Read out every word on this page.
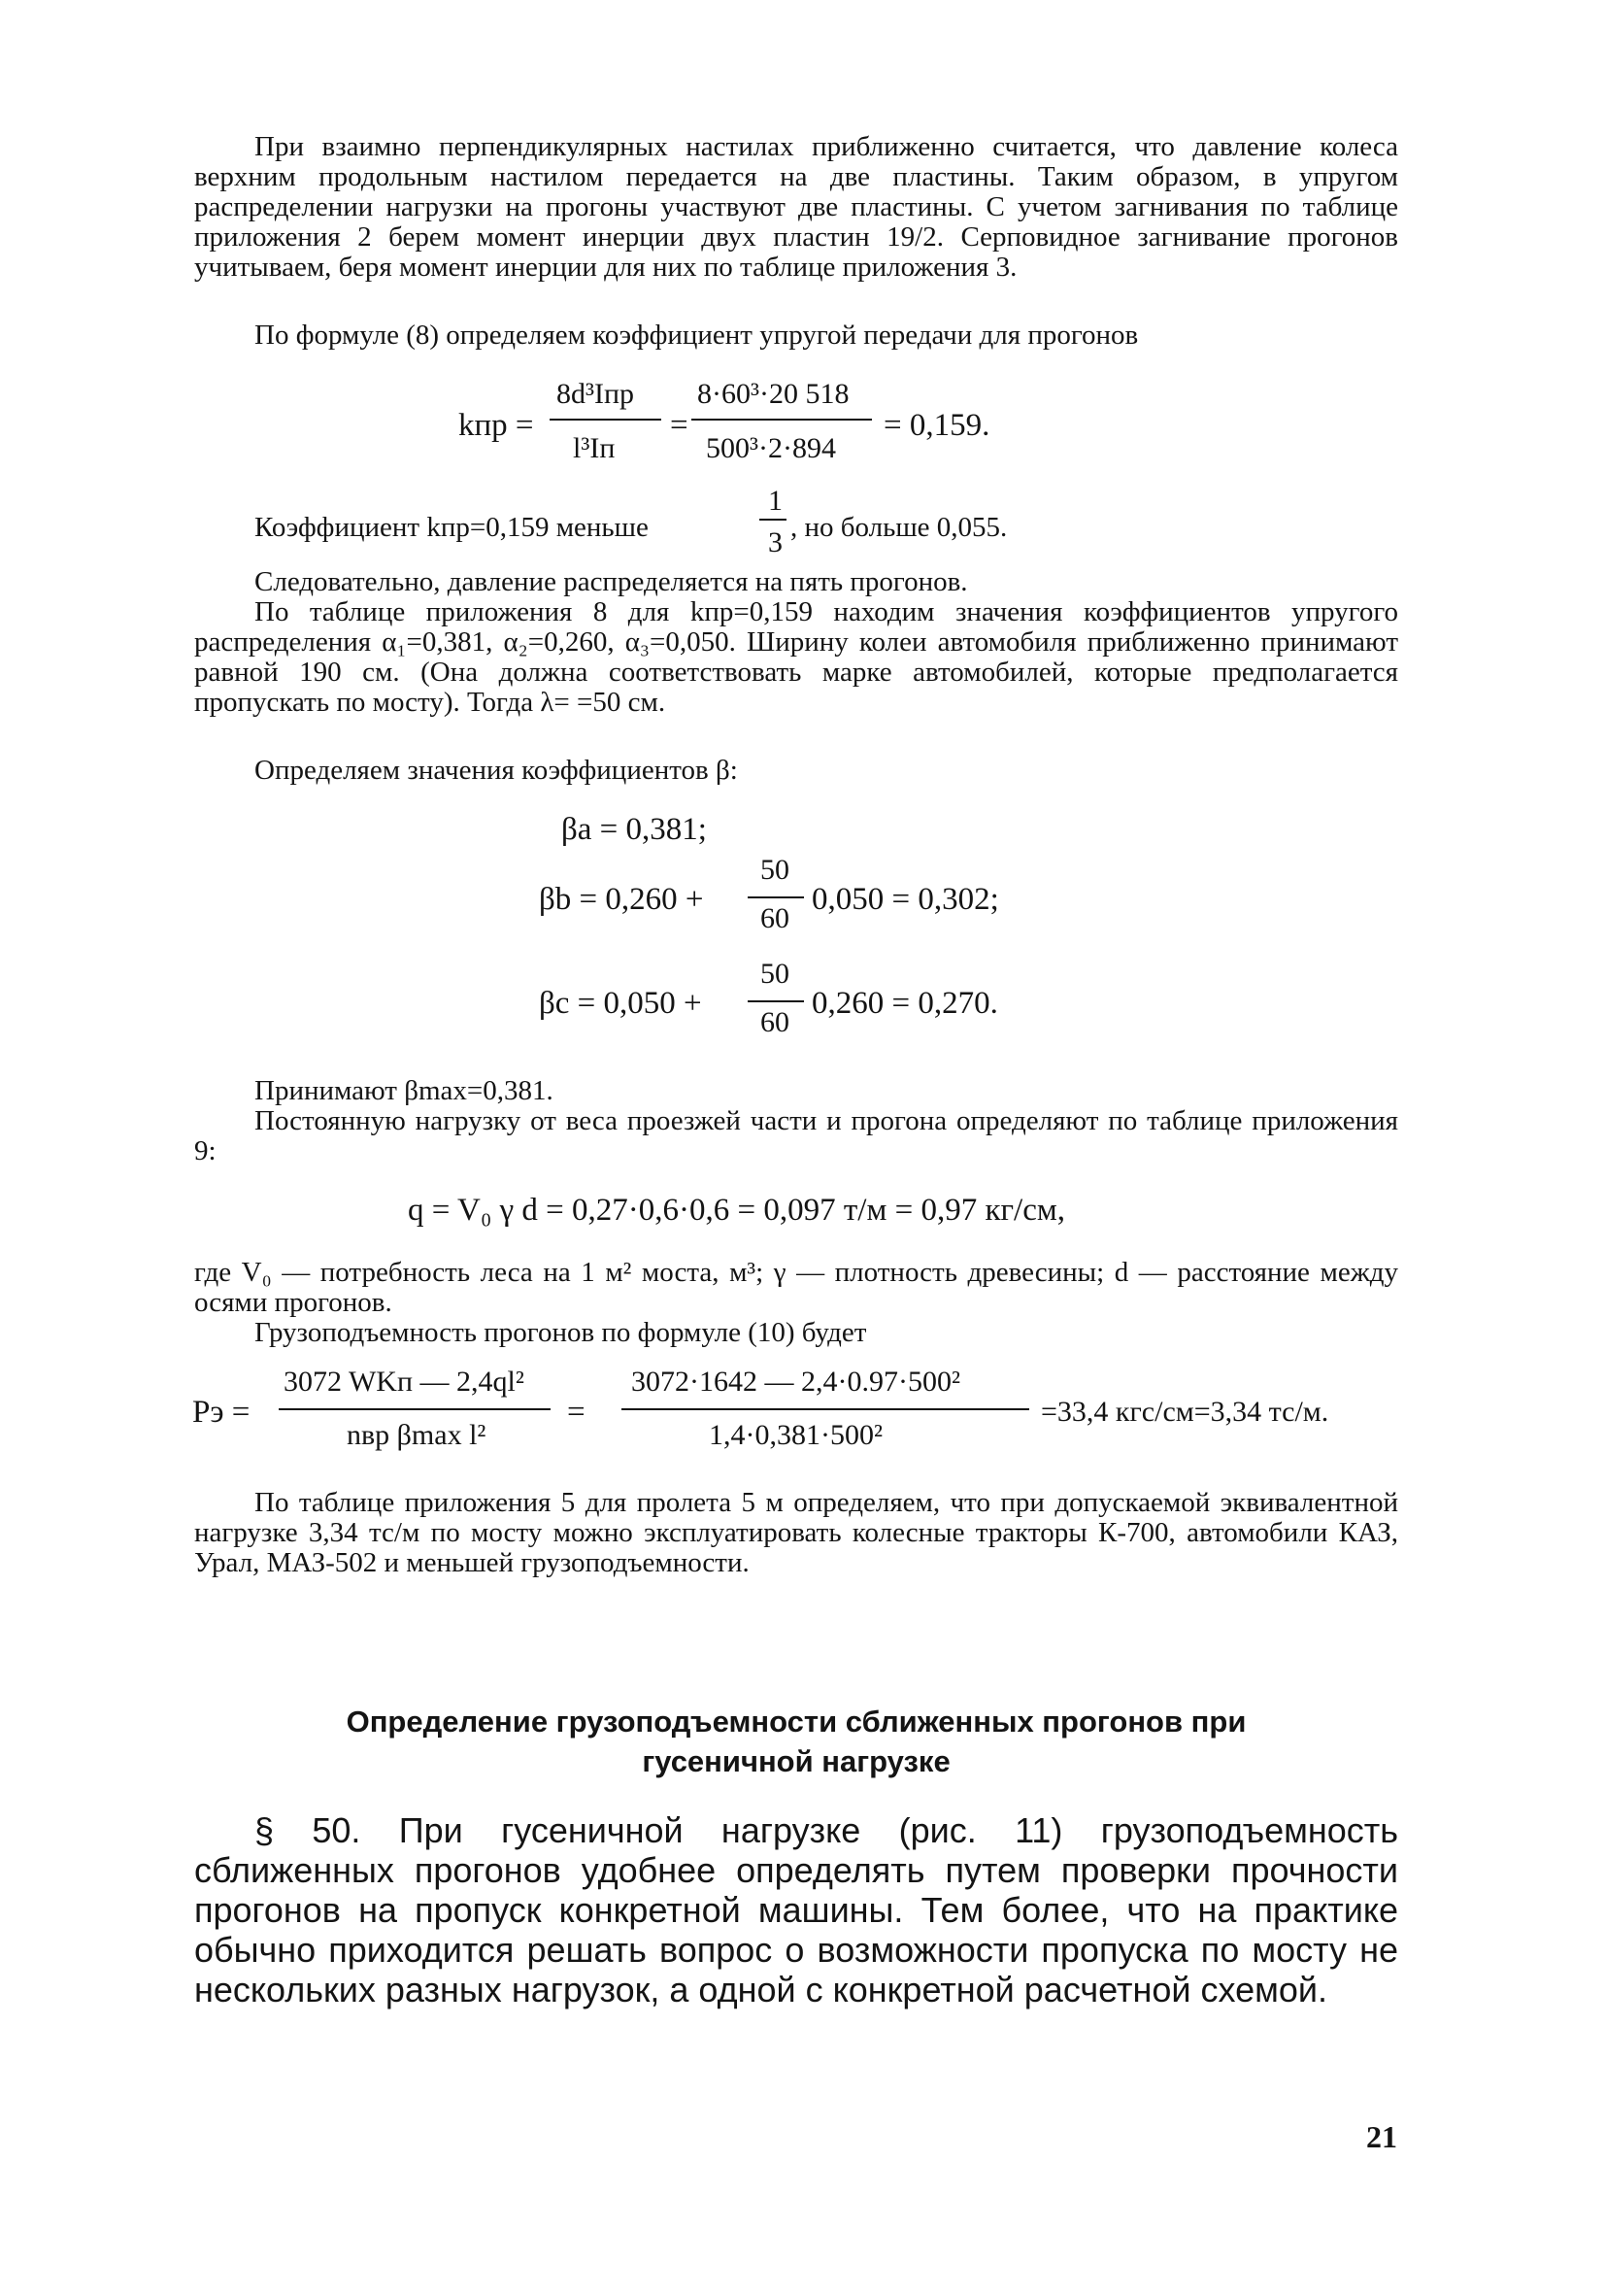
При взаимно перпендикулярных настилах приближенно считается, что давление колеса верхним продольным настилом передается на две пластины. Таким образом, в упругом распределении нагрузки на прогоны участвуют две пластины. С учетом загнивания по таблице приложения 2 берем момент инерции двух пластин 19/2. Серповидное загнивание прогонов учитываем, беря момент инерции для них по таблице приложения 3.

По формуле (8) определяем коэффициент упругой передачи для прогонов

kпр =
8d³Iпр
l³Iп
=
8·60³·20 518
500³·2·894
= 0,159.
Коэффициент kпр=0,159 меньше
1
3 , но больше 0,055.

Следовательно, давление распределяется на пять прогонов.

По таблице приложения 8 для kпр=0,159 находим значения коэффициентов упругого распределения α₁=0,381, α₂=0,260, α₃=0,050. Ширину колеи автомобиля приближенно принимают равной 190 см. (Она должна соответствовать марке автомобилей, которые предполагается пропускать по мосту). Тогда λ= =50 см.

Определяем значения коэффициентов β:

βa = 0,381;
βb = 0,260 +
50
60
0,050 = 0,302;
βc = 0,050 +
50
60
0,260 = 0,270.

Принимают βmax=0,381.

Постоянную нагрузку от веса проезжей части и прогона определяют по таблице приложения 9:

q = V₀ γ d = 0,27·0,6·0,6 = 0,097 т/м = 0,97 кг/см,

где V₀ — потребность леса на 1 м² моста, м³; γ — плотность древесины; d — расстояние между осями прогонов.

Грузоподъемность прогонов по формуле (10) будет

Pэ =
3072 WKп — 2,4ql²
nвр βmax l²
=
3072·1642 — 2,4·0.97·500²
1,4·0,381·500²
=33,4 кгс/см=3,34 тс/м.

По таблице приложения 5 для пролета 5 м определяем, что при допускаемой эквивалентной нагрузке 3,34 тс/м по мосту можно эксплуатировать колесные тракторы К-700, автомобили КАЗ, Урал, МАЗ-502 и меньшей грузоподъемности.

Определение грузоподъемности сближенных прогонов при
гусеничной нагрузке

§ 50. При гусеничной нагрузке (рис. 11) грузоподъемность сближенных прогонов удобнее определять путем проверки прочности прогонов на пропуск конкретной машины. Тем более, что на практике обычно приходится решать вопрос о возможности пропуска по мосту не нескольких разных нагрузок, а одной с конкретной расчетной схемой.

21
